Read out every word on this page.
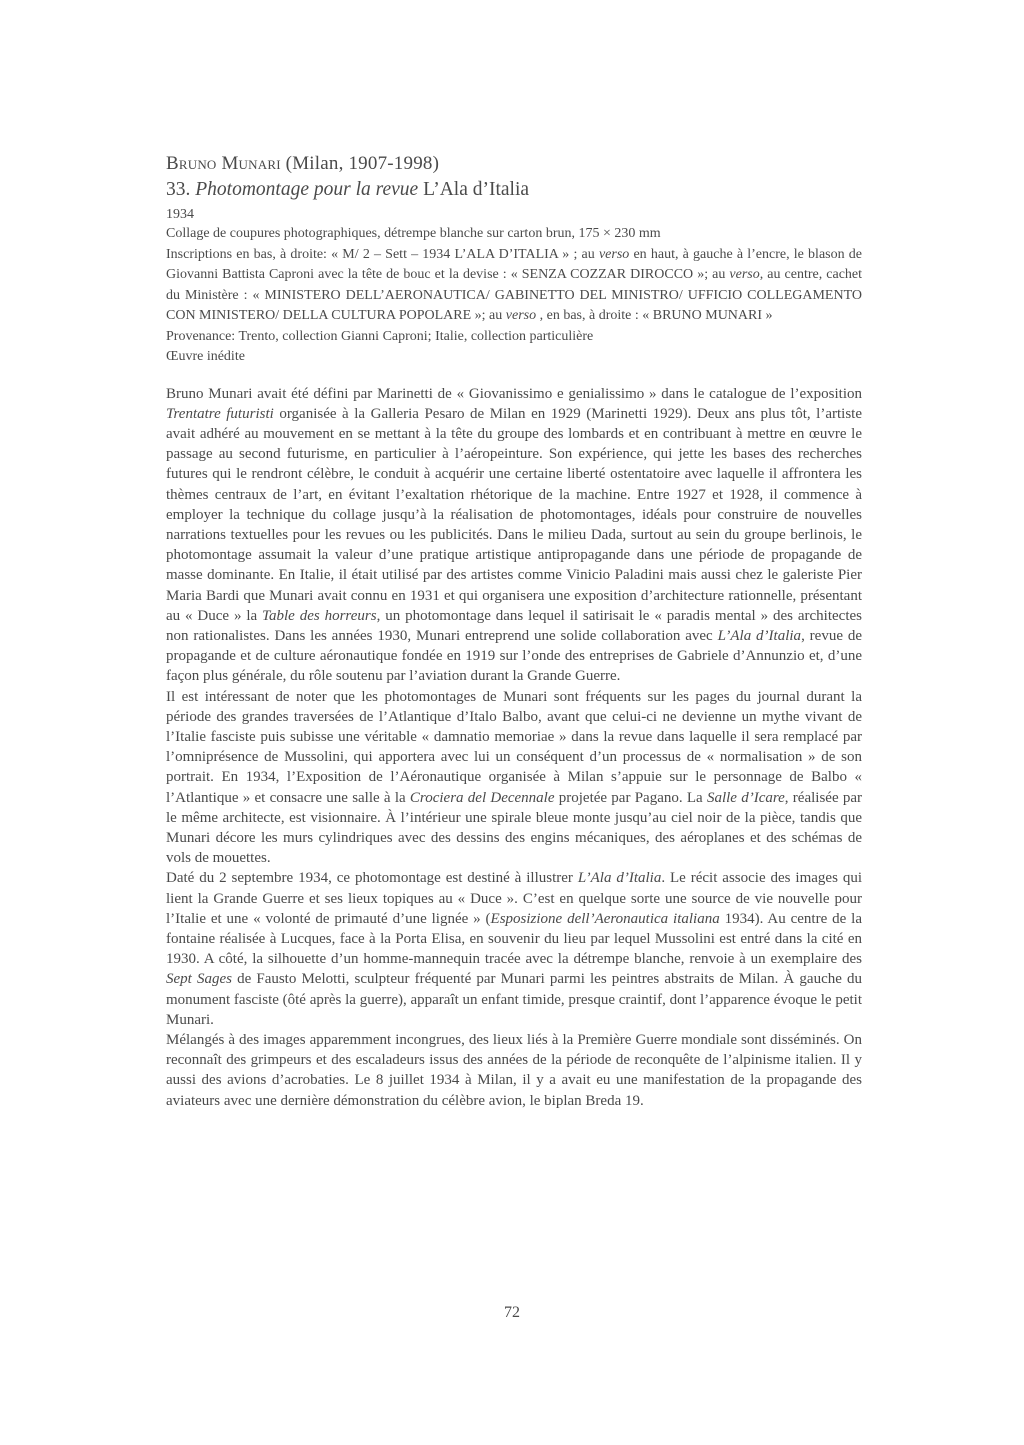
Bruno Munari (Milan, 1907-1998)
33. Photomontage pour la revue L’Ala d’Italia
1934

Collage de coupures photographiques, détrempe blanche sur carton brun, 175 × 230 mm

Inscriptions en bas, à droite: « M/ 2 – Sett – 1934 L’ALA D’ITALIA » ; au verso en haut, à gauche à l’encre, le blason de Giovanni Battista Caproni avec la tête de bouc et la devise : « SENZA COZZAR DIROCCO »; au verso, au centre, cachet du Ministère : « MINISTERO DELL’AERONAUTICA/ GABINETTO DEL MINISTRO/ UFFICIO COLLEGAMENTO CON MINISTERO/ DELLA CULTURA POPOLARE »; au verso , en bas, à droite : « BRUNO MUNARI »

Provenance: Trento, collection Gianni Caproni; Italie, collection particulière

Œuvre inédite

Bruno Munari avait été défini par Marinetti de « Giovanissimo e genialissimo » dans le catalogue de l’exposition Trentatre futuristi organisée à la Galleria Pesaro de Milan en 1929 (Marinetti 1929). Deux ans plus tôt, l’artiste avait adhéré au mouvement en se mettant à la tête du groupe des lombards et en contribuant à mettre en œuvre le passage au second futurisme, en particulier à l’aéropeinture. Son expérience, qui jette les bases des recherches futures qui le rendront célèbre, le conduit à acquérir une certaine liberté ostentatoire avec laquelle il affrontera les thèmes centraux de l’art, en évitant l’exaltation rhétorique de la machine. Entre 1927 et 1928, il commence à employer la technique du collage jusqu’à la réalisation de photomontages, idéals pour construire de nouvelles narrations textuelles pour les revues ou les publicités. Dans le milieu Dada, surtout au sein du groupe berlinois, le photomontage assumait la valeur d’une pratique artistique antipropagande dans une période de propagande de masse dominante. En Italie, il était utilisé par des artistes comme Vinicio Paladini mais aussi chez le galeriste Pier Maria Bardi que Munari avait connu en 1931 et qui organisera une exposition d’architecture rationnelle, présentant au « Duce » la Table des horreurs, un photomontage dans lequel il satirisait le « paradis mental » des architectes non rationalistes. Dans les années 1930, Munari entreprend une solide collaboration avec L’Ala d’Italia, revue de propagande et de culture aéronautique fondée en 1919 sur l’onde des entreprises de Gabriele d’Annunzio et, d’une façon plus générale, du rôle soutenu par l’aviation durant la Grande Guerre.

Il est intéressant de noter que les photomontages de Munari sont fréquents sur les pages du journal durant la période des grandes traversées de l’Atlantique d’Italo Balbo, avant que celui-ci ne devienne un mythe vivant de l’Italie fasciste puis subisse une véritable « damnatio memoriae » dans la revue dans laquelle il sera remplacé par l’omniprésence de Mussolini, qui apportera avec lui un conséquent d’un processus de « normalisation » de son portrait. En 1934, l’Exposition de l’Aéronautique organisée à Milan s’appuie sur le personnage de Balbo « l’Atlantique » et consacre une salle à la Crociera del Decennale projetée par Pagano. La Salle d’Icare, réalisée par le même architecte, est visionnaire. À l’intérieur une spirale bleue monte jusqu’au ciel noir de la pièce, tandis que Munari décore les murs cylindriques avec des dessins des engins mécaniques, des aéroplanes et des schémas de vols de mouettes.

Daté du 2 septembre 1934, ce photomontage est destiné à illustrer L’Ala d’Italia. Le récit associe des images qui lient la Grande Guerre et ses lieux topiques au « Duce ». C’est en quelque sorte une source de vie nouvelle pour l’Italie et une « volonté de primauté d’une lignée » (Esposizione dell’Aeronautica italiana 1934). Au centre de la fontaine réalisée à Lucques, face à la Porta Elisa, en souvenir du lieu par lequel Mussolini est entré dans la cité en 1930. A côté, la silhouette d’un homme-mannequin tracée avec la détrempe blanche, renvoie à un exemplaire des Sept Sages de Fausto Melotti, sculpteur fréquenté par Munari parmi les peintres abstraits de Milan. À gauche du monument fasciste (ôté après la guerre), apparaît un enfant timide, presque craintif, dont l’apparence évoque le petit Munari.

Mélangés à des images apparemment incongrues, des lieux liés à la Première Guerre mondiale sont disséminés. On reconnaît des grimpeurs et des escaladeurs issus des années de la période de reconquête de l’alpinisme italien. Il y aussi des avions d’acrobaties. Le 8 juillet 1934 à Milan, il y a avait eu une manifestation de la propagande des aviateurs avec une dernière démonstration du célèbre avion, le biplan Breda 19.

72
